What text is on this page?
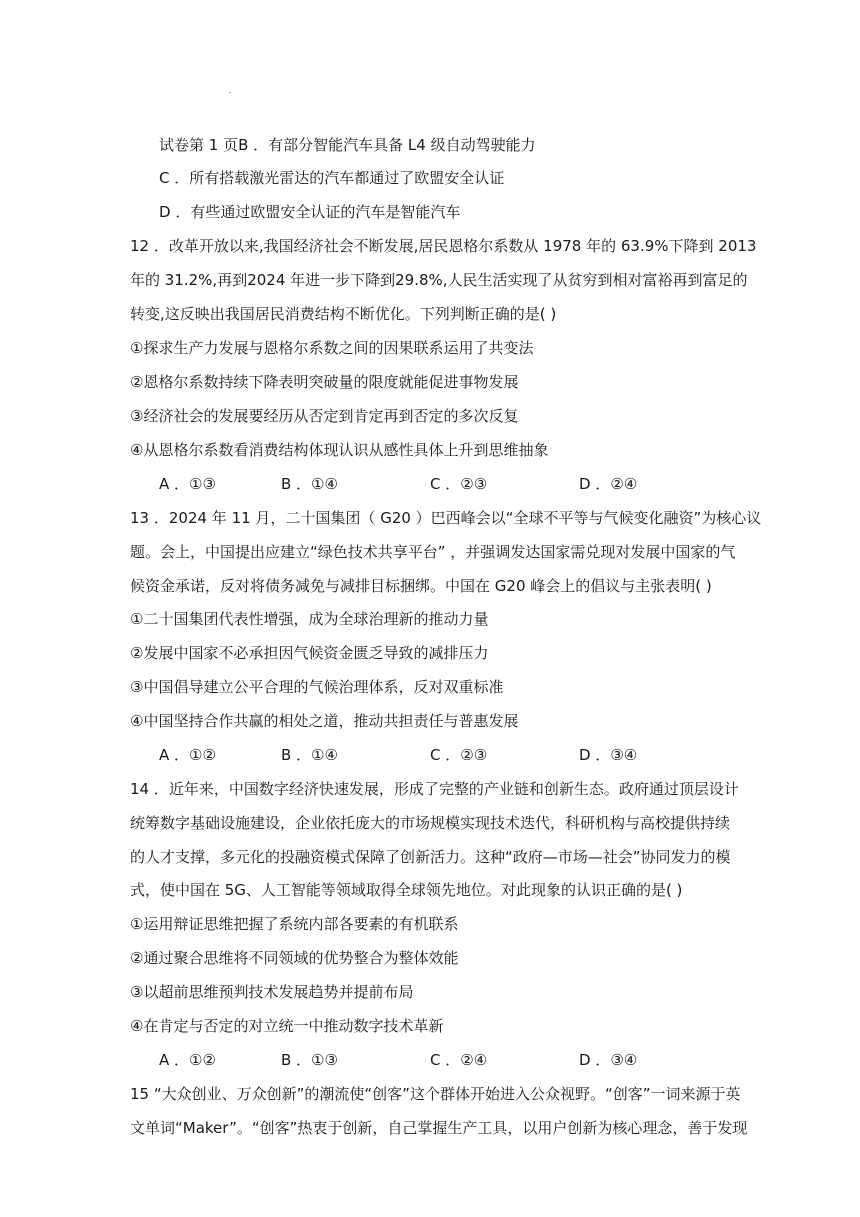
试卷第 1 页B ．有部分智能汽车具备 L4 级自动驾驶能力
C ．所有搭载激光雷达的汽车都通过了欧盟安全认证
D ．有些通过欧盟安全认证的汽车是智能汽车
12 ．改革开放以来,我国经济社会不断发展,居民恩格尔系数从 1978 年的 63.9%下降到 2013
年的 31.2%,再到2024 年进一步下降到29.8%,人民生活实现了从贫穷到相对富裕再到富足的
转变,这反映出我国居民消费结构不断优化。下列判断正确的是( )
①探求生产力发展与恩格尔系数之间的因果联系运用了共变法
②恩格尔系数持续下降表明突破量的限度就能促进事物发展
③经济社会的发展要经历从否定到肯定再到否定的多次反复
④从恩格尔系数看消费结构体现认识从感性具体上升到思维抽象
A ．①③	B ．①④	C ．②③	D ．②④
13 ．2024 年 11 月，二十国集团（ G20 ）巴西峰会以“全球不平等与气候变化融资”为核心议
题。会上，中国提出应建立“绿色技术共享平台” ，并强调发达国家需兑现对发展中国家的气
候资金承诺，反对将债务减免与减排目标捆绑。中国在 G20 峰会上的倡议与主张表明( )
①二十国集团代表性增强，成为全球治理新的推动力量
②发展中国家不必承担因气候资金匮乏导致的减排压力
③中国倡导建立公平合理的气候治理体系，反对双重标准
④中国坚持合作共赢的相处之道，推动共担责任与普惠发展
A ．①②	B ．①④	C ．②③	D ．③④
14 ．近年来，中国数字经济快速发展，形成了完整的产业链和创新生态。政府通过顶层设计
统筹数字基础设施建设，企业依托庞大的市场规模实现技术迭代，科研机构与高校提供持续
的人才支撑，多元化的投融资模式保障了创新活力。这种“政府—市场—社会”协同发力的模
式，使中国在 5G、人工智能等领域取得全球领先地位。对此现象的认识正确的是( )
①运用辩证思维把握了系统内部各要素的有机联系
②通过聚合思维将不同领域的优势整合为整体效能
③以超前思维预判技术发展趋势并提前布局
④在肯定与否定的对立统一中推动数字技术革新
A ．①②	B ．①③	C ．②④	D ．③④
15 “大众创业、万众创新”的潮流使“创客”这个群体开始进入公众视野。“创客”一词来源于英
文单词“Maker”。“创客”热衷于创新，自己掌握生产工具，以用户创新为核心理念，善于发现
